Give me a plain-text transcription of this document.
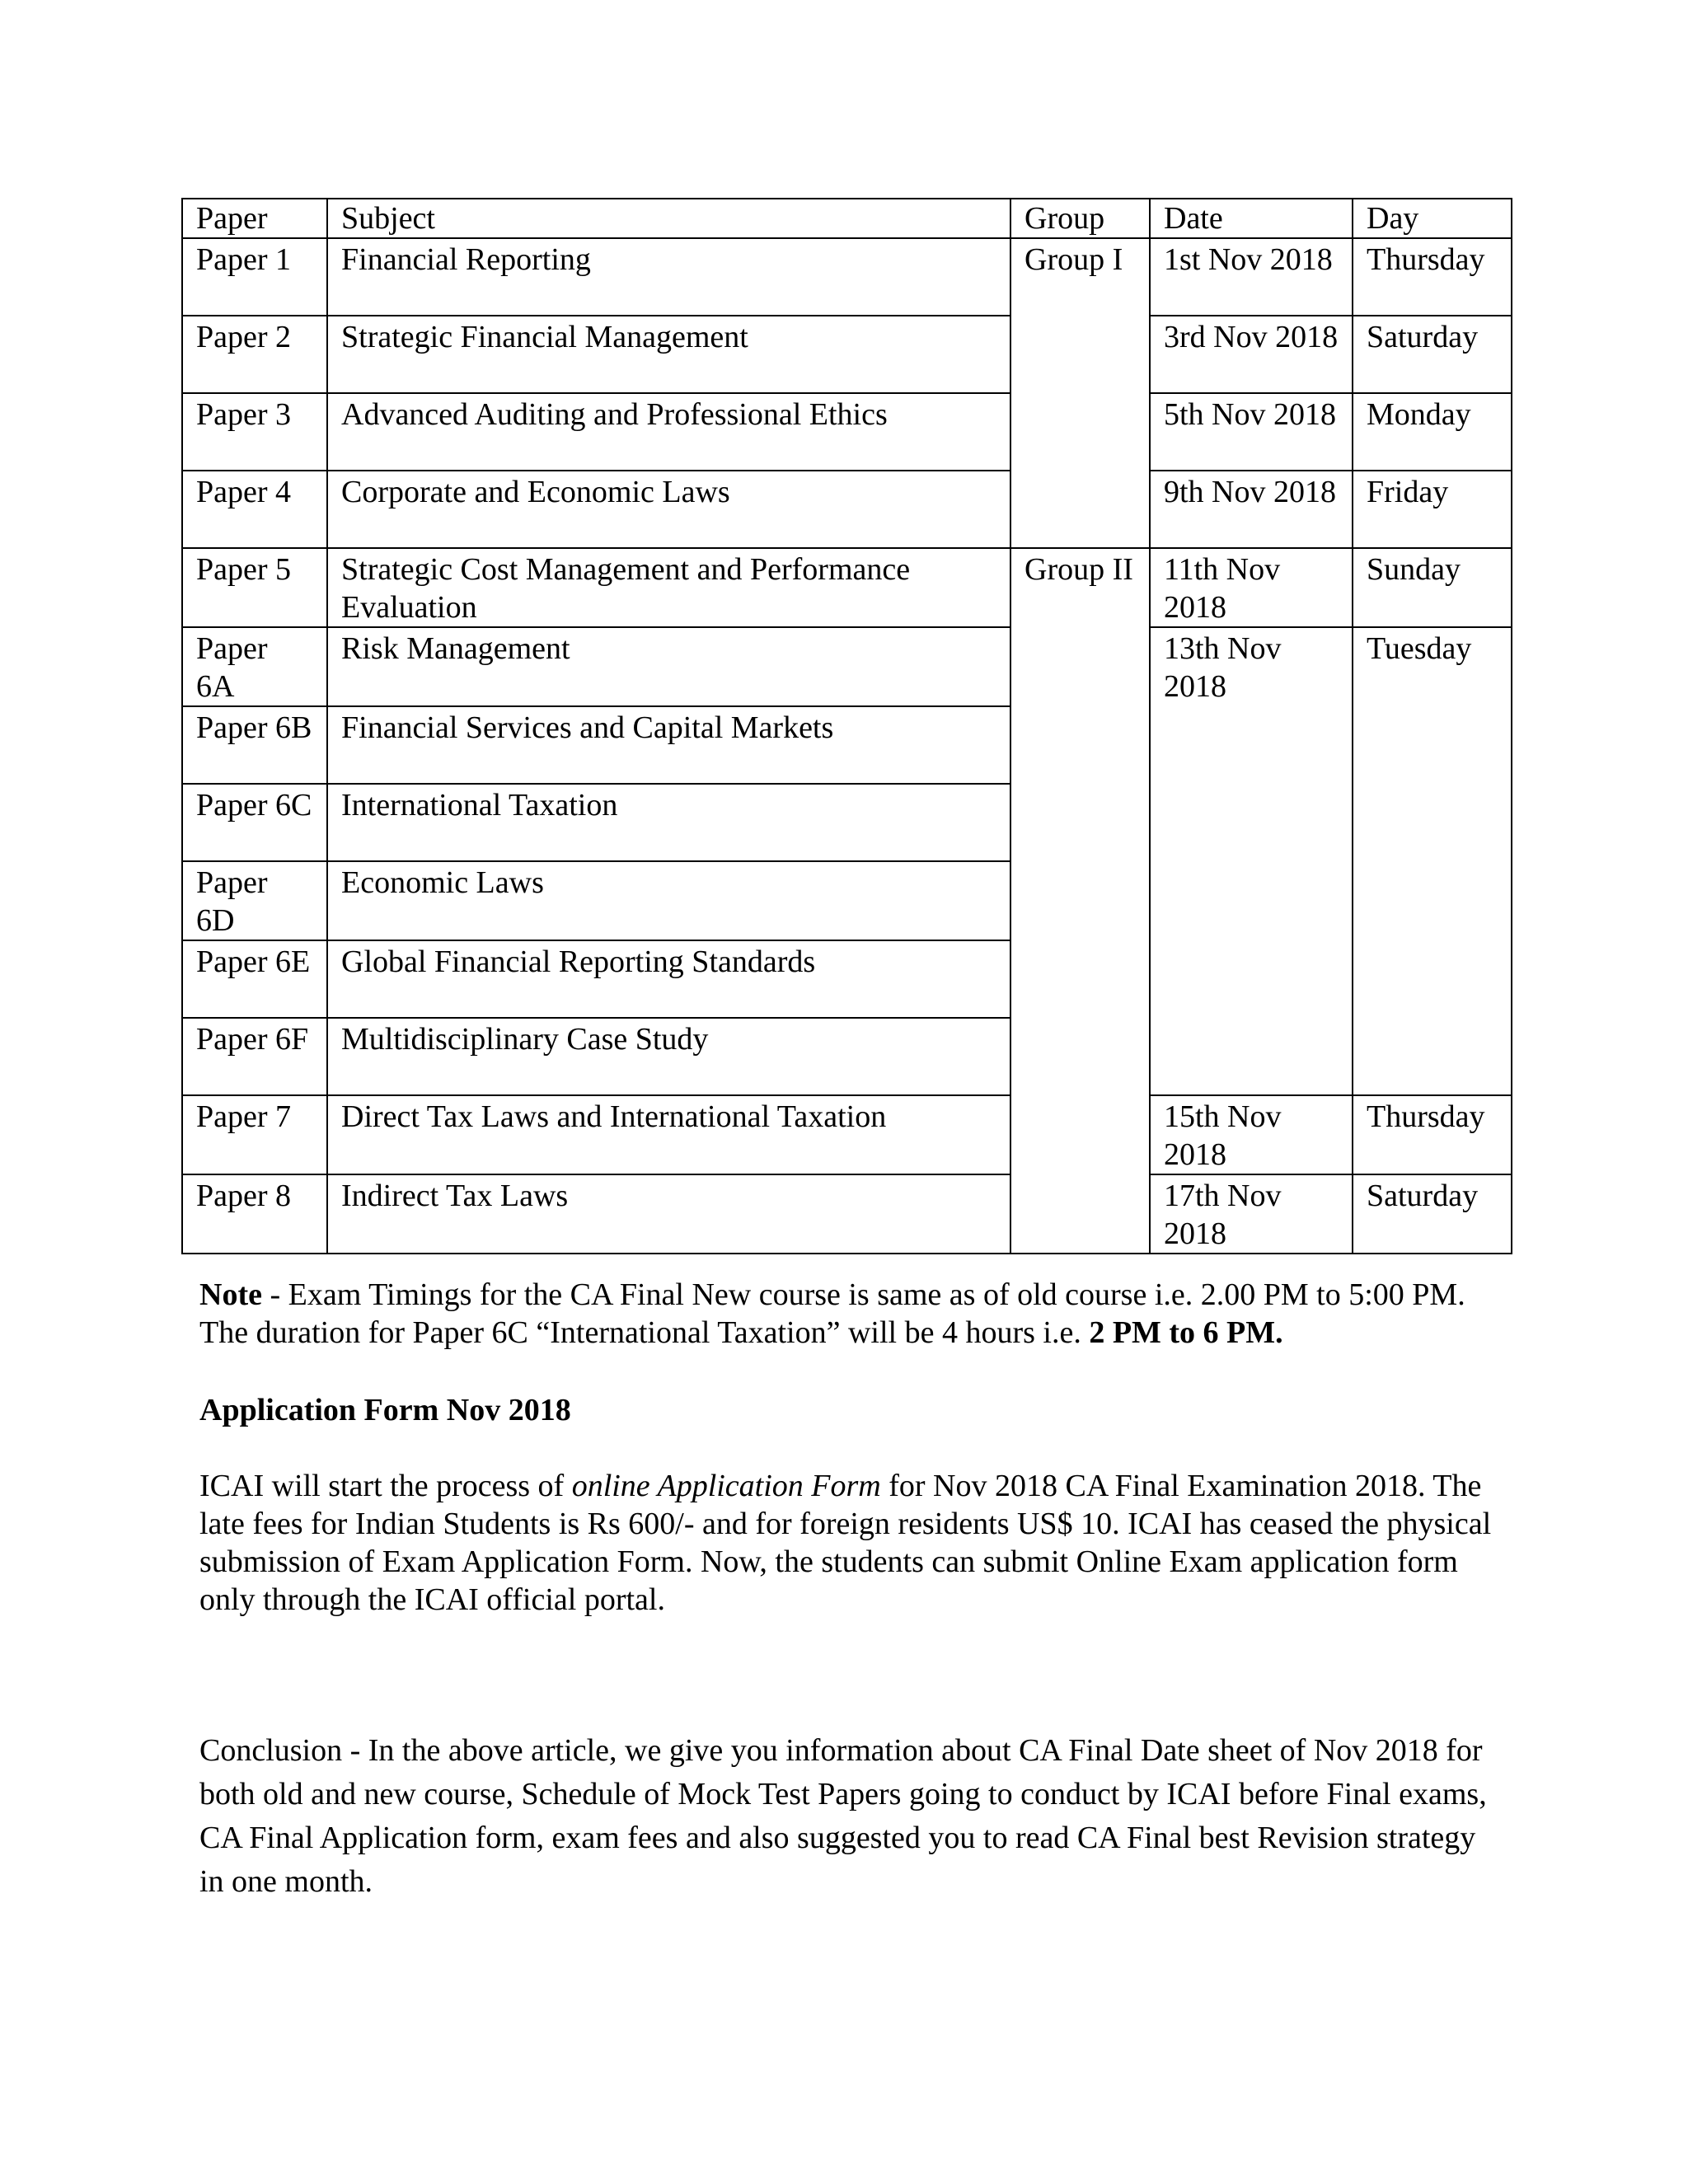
Paper	Subject	Group	Date	Day
Paper 1	Financial Reporting	Group I	1st Nov 2018	Thursday
Paper 2	Strategic Financial Management		3rd Nov 2018	Saturday
Paper 3	Advanced Auditing and Professional Ethics		5th Nov 2018	Monday
Paper 4	Corporate and Economic Laws		9th Nov 2018	Friday
Paper 5	Strategic Cost Management and Performance Evaluation	Group II	11th Nov 2018	Sunday
Paper 6A	Risk Management		13th Nov 2018	Tuesday
Paper 6B	Financial Services and Capital Markets			
Paper 6C	International Taxation			
Paper 6D	Economic Laws			
Paper 6E	Global Financial Reporting Standards			
Paper 6F	Multidisciplinary Case Study			
Paper 7	Direct Tax Laws and International Taxation		15th Nov 2018	Thursday
Paper 8	Indirect Tax Laws		17th Nov 2018	Saturday

Note - Exam Timings for the CA Final New course is same as of old course i.e. 2.00 PM to 5:00 PM. The duration for Paper 6C “International Taxation” will be 4 hours i.e. 2 PM to 6 PM.

Application Form Nov 2018

ICAI will start the process of online Application Form for Nov 2018 CA Final Examination 2018. The late fees for Indian Students is Rs 600/- and for foreign residents US$ 10. ICAI has ceased the physical submission of Exam Application Form. Now, the students can submit Online Exam application form only through the ICAI official portal.

Conclusion - In the above article, we give you information about CA Final Date sheet of Nov 2018 for both old and new course, Schedule of Mock Test Papers going to conduct by ICAI before Final exams, CA Final Application form, exam fees and also suggested you to read CA Final best Revision strategy in one month.
